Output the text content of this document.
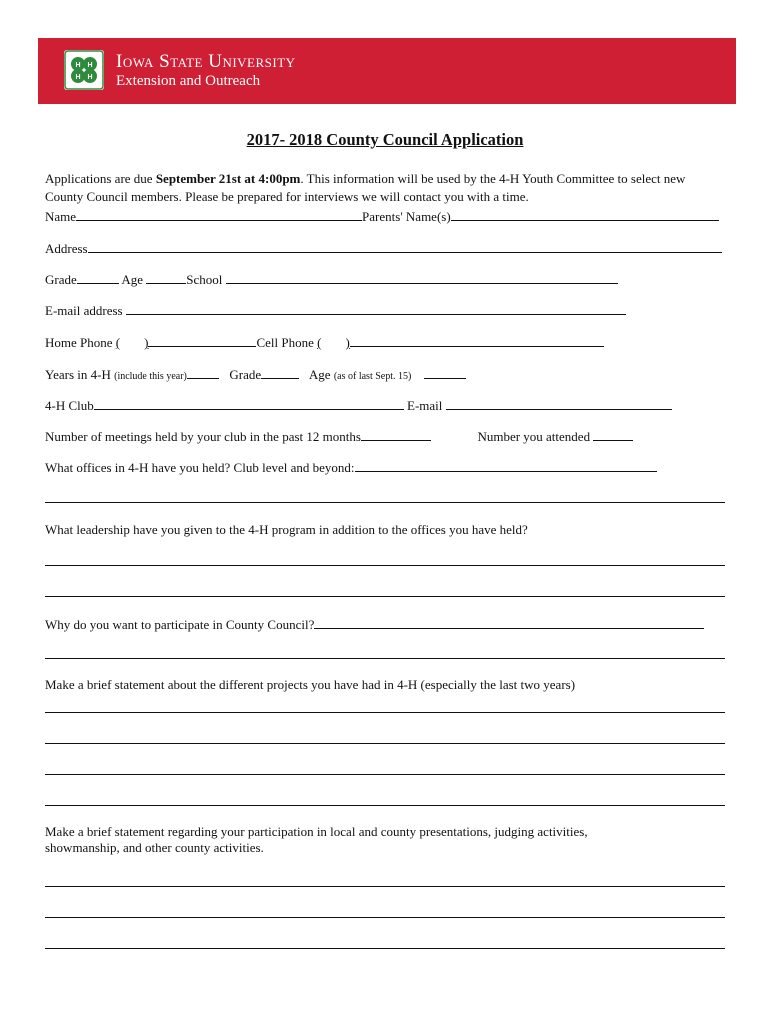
H H
H H
Iowa State University
Extension and Outreach
2017- 2018 County Council Application
Applications are due September 21st at 4:00pm. This information will be used by the 4-H Youth Committee to select new
County Council members. Please be prepared for interviews we will contact you with a time.
Name	Parents' Name(s)
Address
Grade	Age	School
E-mail address
Home Phone ( )	Cell Phone ( )
Years in 4-H (include this year)	Grade	Age (as of last Sept. 15)
4-H Club	E-mail
Number of meetings held by your club in the past 12 months	Number you attended
What offices in 4-H have you held? Club level and beyond:
What leadership have you given to the 4-H program in addition to the offices you have held?
Why do you want to participate in County Council?
Make a brief statement about the different projects you have had in 4-H (especially the last two years)
Make a brief statement regarding your participation in local and county presentations, judging activities,
showmanship, and other county activities.
